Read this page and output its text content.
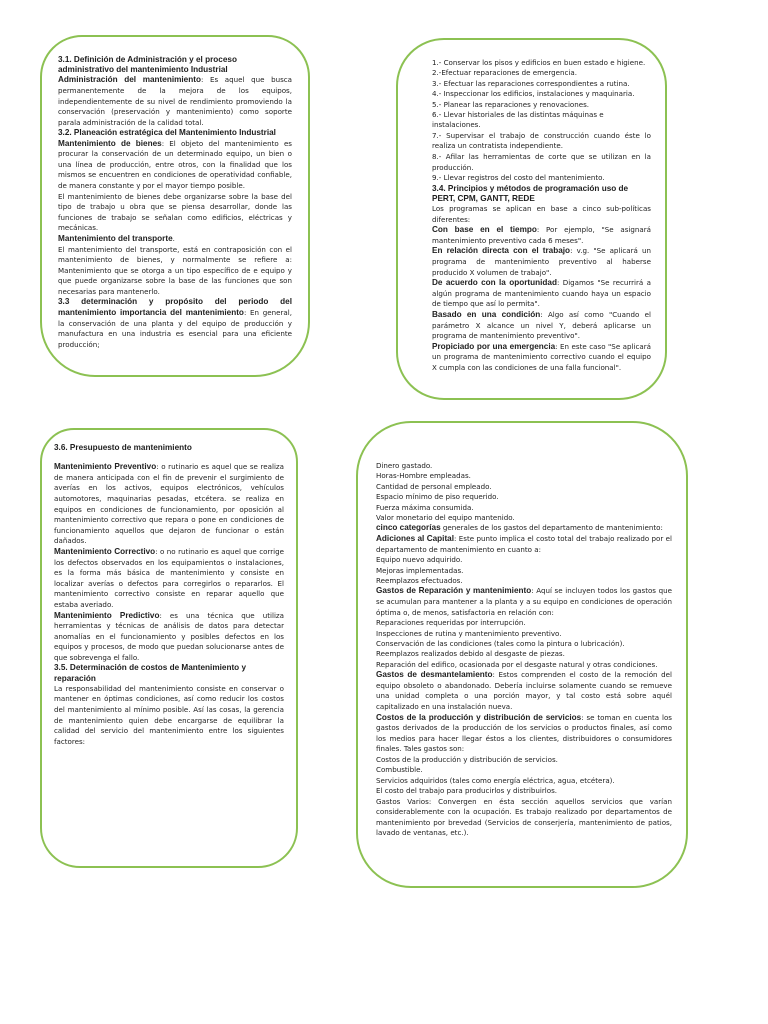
3.1. Definición de Administración y el proceso administrativo del mantenimiento Industrial

Administración del mantenimiento: Es aquel que busca permanentemente de la mejora de los equipos, independientemente de su nivel de rendimiento promoviendo la conservación (preservación y mantenimiento) como soporte parala administración de la calidad total.

3.2. Planeación estratégica del Mantenimiento Industrial

Mantenimiento de bienes: El objeto del mantenimiento es procurar la conservación de un determinado equipo, un bien o una línea de producción, entre otros, con la finalidad que los mismos se encuentren en condiciones de operatividad confiable, de manera constante y por el mayor tiempo posible.

El mantenimiento de bienes debe organizarse sobre la base del tipo de trabajo u obra que se piensa desarrollar, donde las funciones de trabajo se señalan como edificios, eléctricas y mecánicas.

Mantenimiento del transporte.

El mantenimiento del transporte, está en contraposición con el mantenimiento de bienes, y normalmente se refiere a: Mantenimiento que se otorga a un tipo específico de e equipo y que puede organizarse sobre la base de las funciones que son necesarias para mantenerlo.

3.3 determinación y propósito del periodo del mantenimiento importancia del mantenimiento: En general, la conservación de una planta y del equipo de producción y manufactura en una industria es esencial para una eficiente producción;

1.- Conservar los pisos y edificios en buen estado e higiene.

2.-Efectuar reparaciones de emergencia.

3.- Efectuar las reparaciones correspondientes a rutina.

4.- Inspeccionar los edificios, instalaciones y maquinaria.

5.- Planear las reparaciones y renovaciones.

6.- Llevar historiales de las distintas máquinas e instalaciones.

7.- Supervisar el trabajo de construcción cuando éste lo realiza un contratista independiente.

8.- Afilar las herramientas de corte que se utilizan en la producción.

9.- Llevar registros del costo del mantenimiento.

3.4. Principios y métodos de programación uso de PERT, CPM, GANTT, REDE

Los programas se aplican en base a cinco sub-políticas diferentes:

Con base en el tiempo: Por ejemplo, "Se asignará mantenimiento preventivo cada 6 meses".

En relación directa con el trabajo: v.g. "Se aplicará un programa de mantenimiento preventivo al haberse producido X volumen de trabajo".

De acuerdo con la oportunidad: Digamos "Se recurrirá a algún programa de mantenimiento cuando haya un espacio de tiempo que así lo permita".

Basado en una condición: Algo así como "Cuando el parámetro X alcance un nivel Y, deberá aplicarse un programa de mantenimiento preventivo".

Propiciado por una emergencia: En este caso "Se aplicará un programa de mantenimiento correctivo cuando el equipo X cumpla con las condiciones de una falla funcional".

3.6. Presupuesto de mantenimiento

Mantenimiento Preventivo: o rutinario es aquel que se realiza de manera anticipada con el fin de prevenir el surgimiento de averías en los activos, equipos electrónicos, vehículos automotores, maquinarias pesadas, etcétera. se realiza en equipos en condiciones de funcionamiento, por oposición al mantenimiento correctivo que repara o pone en condiciones de funcionamiento aquellos que dejaron de funcionar o están dañados.

Mantenimiento Correctivo: o no rutinario es aquel que corrige los defectos observados en los equipamientos o instalaciones, es la forma más básica de mantenimiento y consiste en localizar averías o defectos para corregirlos o repararlos. El mantenimiento correctivo consiste en reparar aquello que estaba averiado.

Mantenimiento Predictivo: es una técnica que utiliza herramientas y técnicas de análisis de datos para detectar anomalías en el funcionamiento y posibles defectos en los equipos y procesos, de modo que puedan solucionarse antes de que sobrevenga el fallo.

3.5. Determinación de costos de Mantenimiento y reparación

La responsabilidad del mantenimiento consiste en conservar o mantener en óptimas condiciones, así como reducir los costos del mantenimiento al mínimo posible. Así las cosas, la gerencia de mantenimiento quien debe encargarse de equilibrar la calidad del servicio del mantenimiento entre los siguientes factores:

Dinero gastado.

Horas-Hombre empleadas.

Cantidad de personal empleado.

Espacio mínimo de piso requerido.

Fuerza máxima consumida.

Valor monetario del equipo mantenido.

cinco categorías generales de los gastos del departamento de mantenimiento:

Adiciones al Capital: Este punto implica el costo total del trabajo realizado por el departamento de mantenimiento en cuanto a:

Equipo nuevo adquirido.

Mejoras implementadas.

Reemplazos efectuados.

Gastos de Reparación y mantenimiento: Aquí se incluyen todos los gastos que se acumulan para mantener a la planta y a su equipo en condiciones de operación óptima o, de menos, satisfactoria en relación con:

Reparaciones requeridas por interrupción.

Inspecciones de rutina y mantenimiento preventivo.

Conservación de las condiciones (tales como la pintura o lubricación).

Reemplazos realizados debido al desgaste de piezas.

Reparación del edifico, ocasionada por el desgaste natural y otras condiciones.

Gastos de desmantelamiento: Estos comprenden el costo de la remoción del equipo obsoleto o abandonado. Debería incluirse solamente cuando se remueve una unidad completa o una porción mayor, y tal costo está sobre aquél capitalizado en una instalación nueva.

Costos de la producción y distribución de servicios: se toman en cuenta los gastos derivados de la producción de los servicios o productos finales, así como los medios para hacer llegar éstos a los clientes, distribuidores o consumidores finales. Tales gastos son:

Costos de la producción y distribución de servicios.

Combustible.

Servicios adquiridos (tales como energía eléctrica, agua, etcétera).

El costo del trabajo para producirlos y distribuirlos.

Gastos Varios: Convergen en ésta sección aquellos servicios que varían considerablemente con la ocupación. Es trabajo realizado por departamentos de mantenimiento por brevedad (Servicios de conserjería, mantenimiento de patios, lavado de ventanas, etc.).
